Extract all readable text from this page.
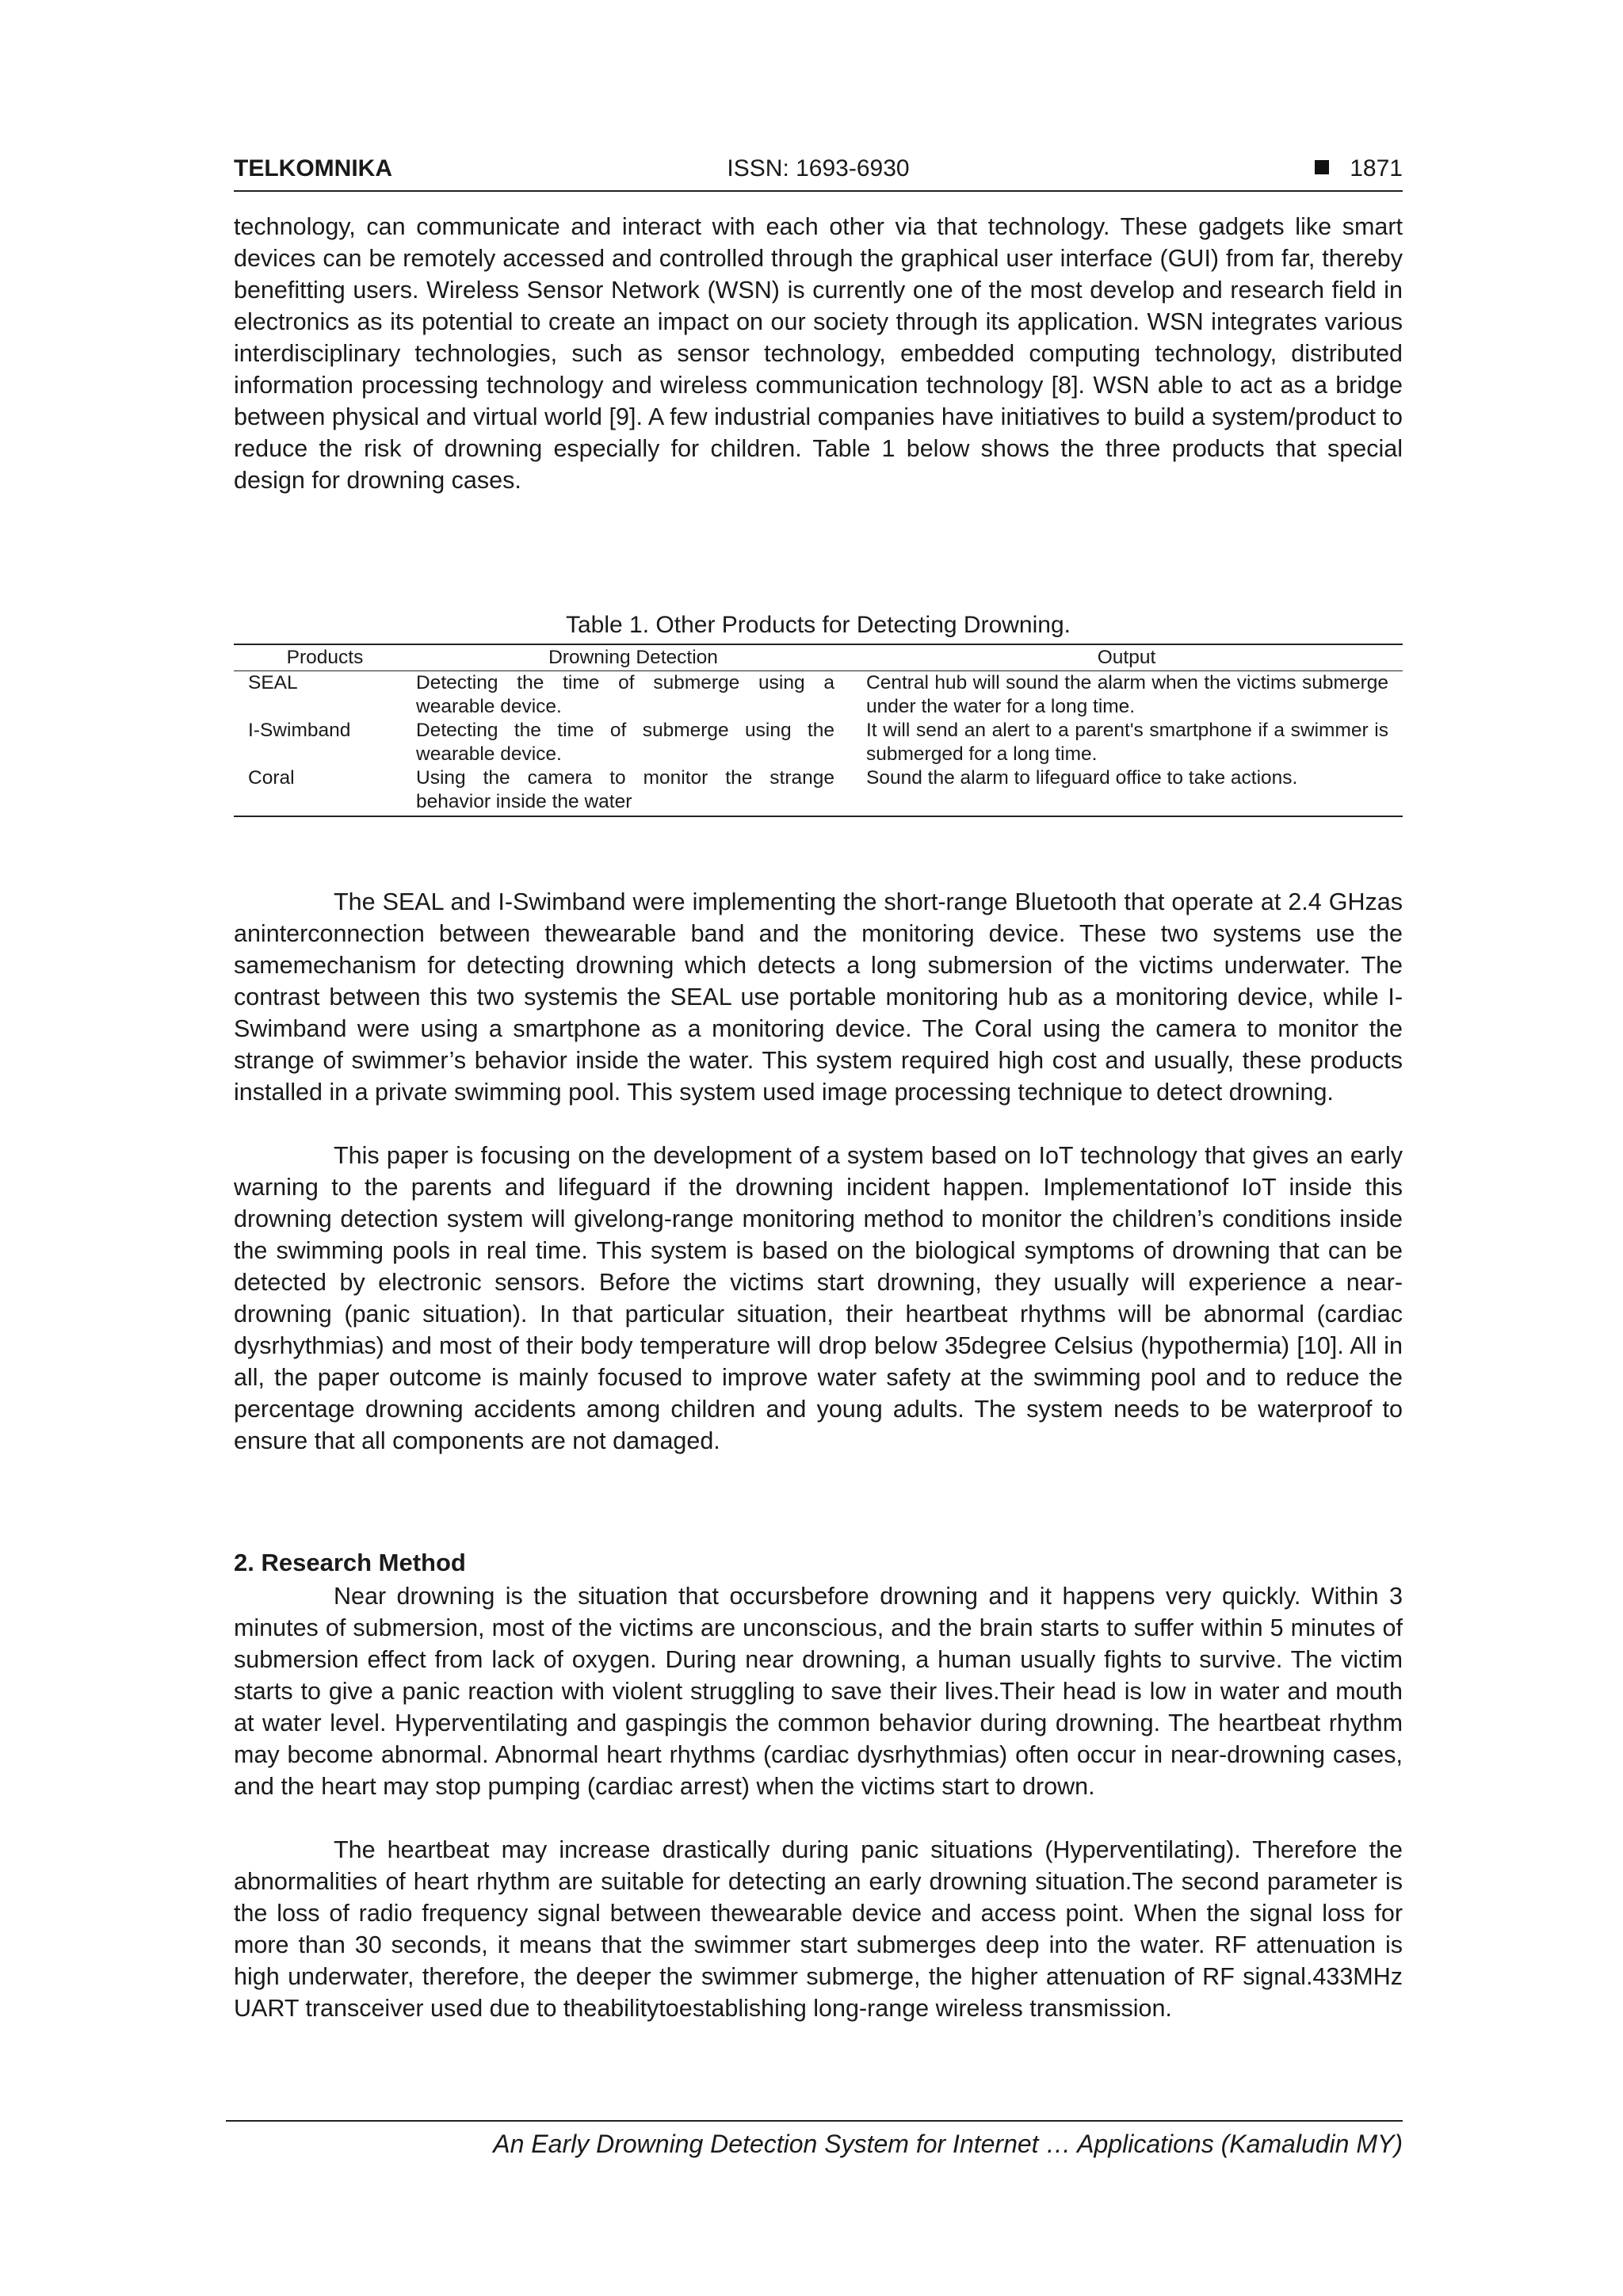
TELKOMNIKA	ISSN: 1693-6930	1871

technology, can communicate and interact with each other via that technology. These gadgets like smart devices can be remotely accessed and controlled through the graphical user interface (GUI) from far, thereby benefitting users. Wireless Sensor Network (WSN) is currently one of the most develop and research field in electronics as its potential to create an impact on our society through its application. WSN integrates various interdisciplinary technologies, such as sensor technology, embedded computing technology, distributed information processing technology and wireless communication technology [8]. WSN able to act as a bridge between physical and virtual world [9]. A few industrial companies have initiatives to build a system/product to reduce the risk of drowning especially for children. Table 1 below shows the three products that special design for drowning cases.

Table 1. Other Products for Detecting Drowning.
Products	Drowning Detection	Output
SEAL	Detecting the time of submerge using a wearable device.	Central hub will sound the alarm when the victims submerge under the water for a long time.
I-Swimband	Detecting the time of submerge using the wearable device.	It will send an alert to a parent's smartphone if a swimmer is submerged for a long time.
Coral	Using the camera to monitor the strange behavior inside the water	Sound the alarm to lifeguard office to take actions.

The SEAL and I-Swimband were implementing the short-range Bluetooth that operate at 2.4 GHzas aninterconnection between thewearable band and the monitoring device. These two systems use the samemechanism for detecting drowning which detects a long submersion of the victims underwater. The contrast between this two systemis the SEAL use portable monitoring hub as a monitoring device, while I-Swimband were using a smartphone as a monitoring device. The Coral using the camera to monitor the strange of swimmer’s behavior inside the water. This system required high cost and usually, these products installed in a private swimming pool. This system used image processing technique to detect drowning.

This paper is focusing on the development of a system based on IoT technology that gives an early warning to the parents and lifeguard if the drowning incident happen. Implementationof IoT inside this drowning detection system will givelong-range monitoring method to monitor the children’s conditions inside the swimming pools in real time. This system is based on the biological symptoms of drowning that can be detected by electronic sensors. Before the victims start drowning, they usually will experience a near-drowning (panic situation). In that particular situation, their heartbeat rhythms will be abnormal (cardiac dysrhythmias) and most of their body temperature will drop below 35degree Celsius (hypothermia) [10]. All in all, the paper outcome is mainly focused to improve water safety at the swimming pool and to reduce the percentage drowning accidents among children and young adults. The system needs to be waterproof to ensure that all components are not damaged.

2. Research Method

Near drowning is the situation that occursbefore drowning and it happens very quickly. Within 3 minutes of submersion, most of the victims are unconscious, and the brain starts to suffer within 5 minutes of submersion effect from lack of oxygen. During near drowning, a human usually fights to survive. The victim starts to give a panic reaction with violent struggling to save their lives.Their head is low in water and mouth at water level. Hyperventilating and gaspingis the common behavior during drowning. The heartbeat rhythm may become abnormal. Abnormal heart rhythms (cardiac dysrhythmias) often occur in near-drowning cases, and the heart may stop pumping (cardiac arrest) when the victims start to drown.

The heartbeat may increase drastically during panic situations (Hyperventilating). Therefore the abnormalities of heart rhythm are suitable for detecting an early drowning situation.The second parameter is the loss of radio frequency signal between thewearable device and access point. When the signal loss for more than 30 seconds, it means that the swimmer start submerges deep into the water. RF attenuation is high underwater, therefore, the deeper the swimmer submerge, the higher attenuation of RF signal.433MHz UART transceiver used due to theabilitytoestablishing long-range wireless transmission.

An Early Drowning Detection System for Internet … Applications (Kamaludin MY)
